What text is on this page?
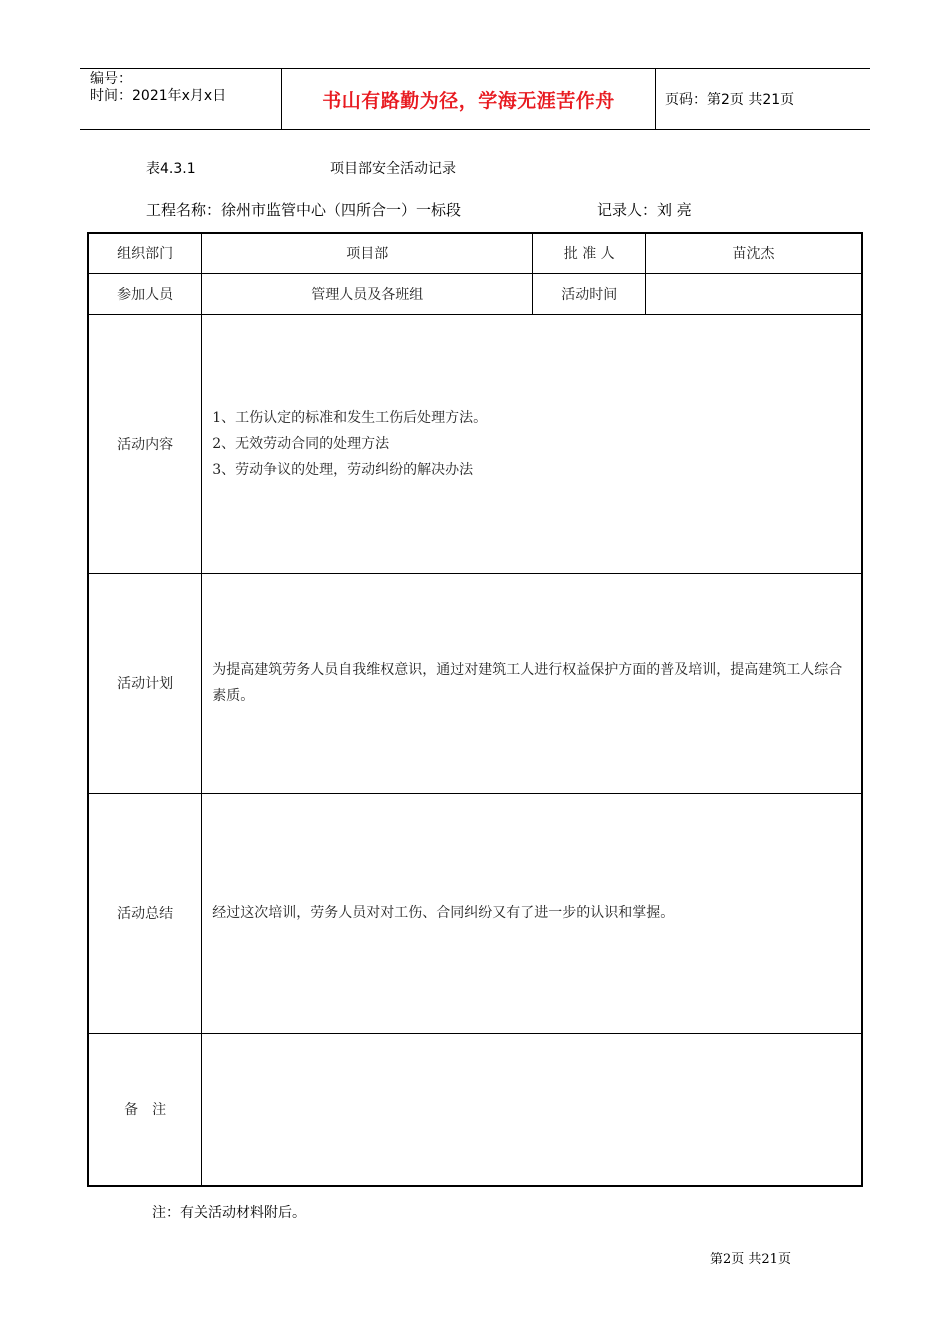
编号：
时间：2021年x月x日	书山有路勤为径，学海无涯苦作舟	页码：第2页 共21页
表4.3.1	项目部安全活动记录
工程名称：徐州市监管中心（四所合一）一标段	记录人：刘 亮
组织部门	项目部	批 准 人	苗沈杰
参加人员	管理人员及各班组	活动时间	
活动内容	1、工伤认定的标准和发生工伤后处理方法。

2、无效劳动合同的处理方法

3、劳动争议的处理，劳动纠纷的解决办法		

活动计划	为提高建筑劳务人员自我维权意识，通过对建筑工人进行权益保护方面的普及培训，提高建筑工人综合素质。		

活动总结	经过这次培训，劳务人员对对工伤、合同纠纷又有了进一步的认识和掌握。		

备　注			
注：有关活动材料附后。
第2页 共21页
